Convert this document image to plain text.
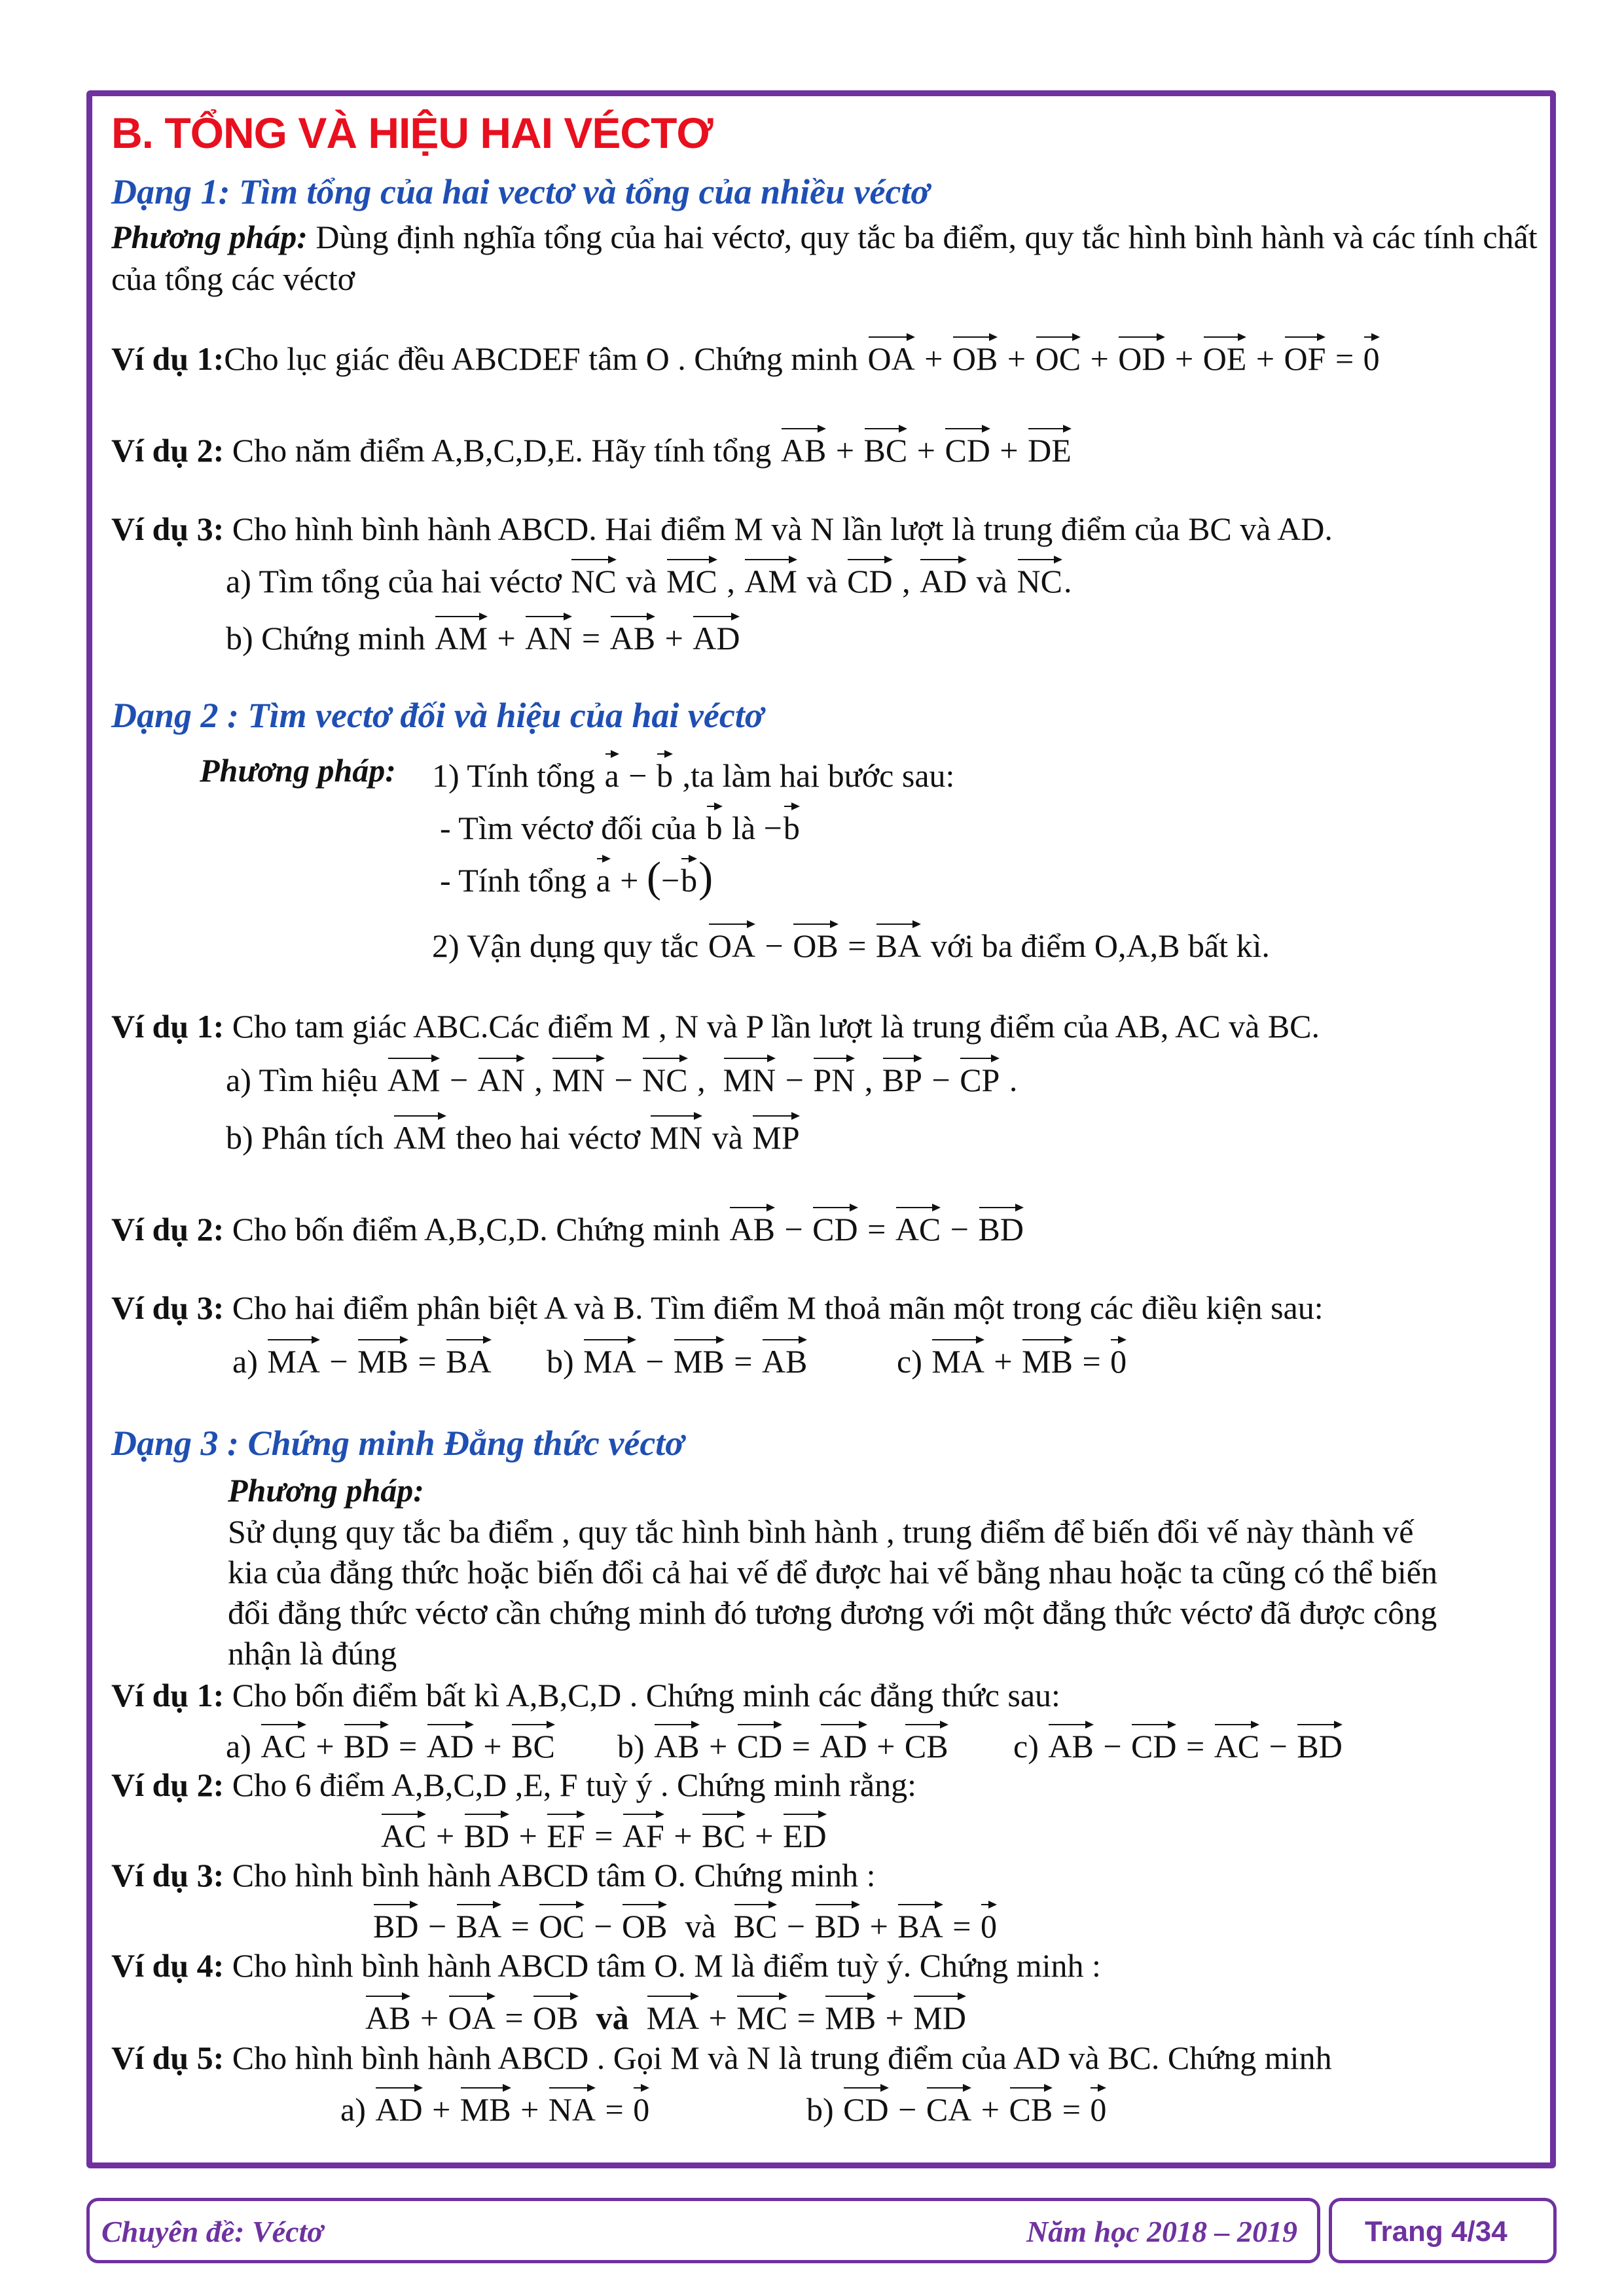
B. TỔNG VÀ HIỆU HAI VÉCTƠ
Dạng 1: Tìm tổng của hai vectơ và tổng của nhiều véctơ
Phương pháp: Dùng định nghĩa tổng của hai véctơ, quy tắc ba điểm, quy tắc hình bình hành và các tính chất của tổng các véctơ
Ví dụ 1:Cho lục giác đều ABCDEF tâm O . Chứng minh OA + OB + OC + OD + OE + OF = 0
Ví dụ 2: Cho năm điểm A,B,C,D,E. Hãy tính tổng AB + BC + CD + DE
Ví dụ 3: Cho hình bình hành ABCD. Hai điểm M và N lần lượt là trung điểm của BC và AD.
a) Tìm tổng của hai véctơ NC và MC , AM và CD , AD và NC.
b) Chứng minh AM + AN = AB + AD
Dạng 2 : Tìm vectơ đối và hiệu của hai véctơ
Phương pháp: 1) Tính tổng a − b ,ta làm hai bước sau:
- Tìm véctơ đối của b là −b
- Tính tổng a + (−b)
2) Vận dụng quy tắc OA − OB = BA với ba điểm O,A,B bất kì.
Ví dụ 1: Cho tam giác ABC.Các điểm M , N và P lần lượt là trung điểm của AB, AC và BC.
a) Tìm hiệu AM − AN , MN − NC ,  MN − PN , BP − CP .
b) Phân tích AM theo hai véctơ MN và MP
Ví dụ 2: Cho bốn điểm A,B,C,D. Chứng minh AB − CD = AC − BD
Ví dụ 3: Cho hai điểm phân biệt A và B. Tìm điểm M thoả mãn một trong các điều kiện sau:
a) MA − MB = BA b) MA − MB = AB	c) MA + MB = 0
Dạng 3 : Chứng minh Đẳng thức véctơ
Phương pháp:
Sử dụng quy tắc ba điểm , quy tắc hình bình hành , trung điểm để biến đổi vế này thành vế
kia của đẳng thức hoặc biến đổi cả hai vế để được hai vế bằng nhau hoặc ta cũng có thể biến
đổi đẳng thức véctơ cần chứng minh đó tương đương với một đẳng thức véctơ đã được công
nhận là đúng
Ví dụ 1: Cho bốn điểm bất kì A,B,C,D . Chứng minh các đẳng thức sau:
a) AC + BD = AD + BC b) AB + CD = AD + CB c) AB − CD = AC − BD
Ví dụ 2: Cho 6 điểm A,B,C,D ,E, F tuỳ ý . Chứng minh rằng:
AC + BD + EF = AF + BC + ED
Ví dụ 3: Cho hình bình hành ABCD tâm O. Chứng minh :
BD − BA = OC − OB và BC − BD + BA = 0
Ví dụ 4: Cho hình bình hành ABCD tâm O. M là điểm tuỳ ý. Chứng minh :
AB + OA = OB và MA + MC = MB + MD
Ví dụ 5: Cho hình bình hành ABCD . Gọi M và N là trung điểm của AD và BC. Chứng minh
a) AD + MB + NA = 0	b) CD − CA + CB = 0
Chuyên đề: Véctơ	Năm học 2018 – 2019 Trang 4/34
